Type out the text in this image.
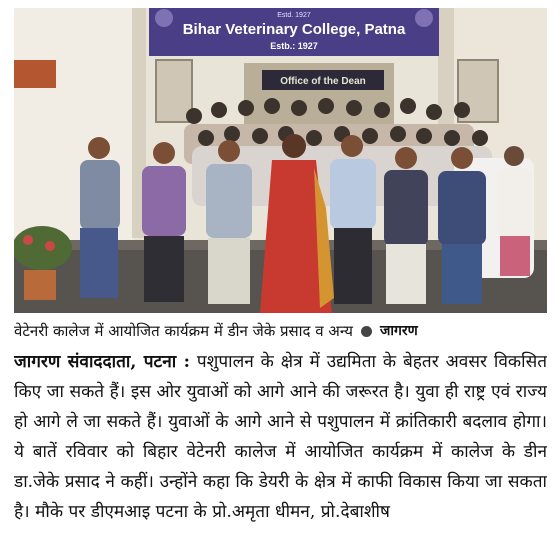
Estd. 1927
Bihar Veterinary College, Patna
Estb.: 1927
Office of the Dean
वेटेनरी कालेज में आयोजित कार्यक्रम में डीन जेके प्रसाद व अन्य जागरण

जागरण संवाददाता, पटना : पशुपालन के क्षेत्र में उद्यमिता के बेहतर अवसर विकसित किए जा सकते हैं। इस ओर युवाओं को आगे आने की जरूरत है। युवा ही राष्ट्र एवं राज्य हो आगे ले जा सकते हैं। युवाओं के आगे आने से पशुपालन में क्रांतिकारी बदलाव होगा। ये बातें रविवार को बिहार वेटेनरी कालेज में आयोजित कार्यक्रम में कालेज के डीन डा.जेके प्रसाद ने कहीं। उन्होंने कहा कि डेयरी के क्षेत्र में काफी विकास किया जा सकता है। मौके पर डीएमआइ पटना के प्रो.अमृता धीमन, प्रो.देबाशीष
